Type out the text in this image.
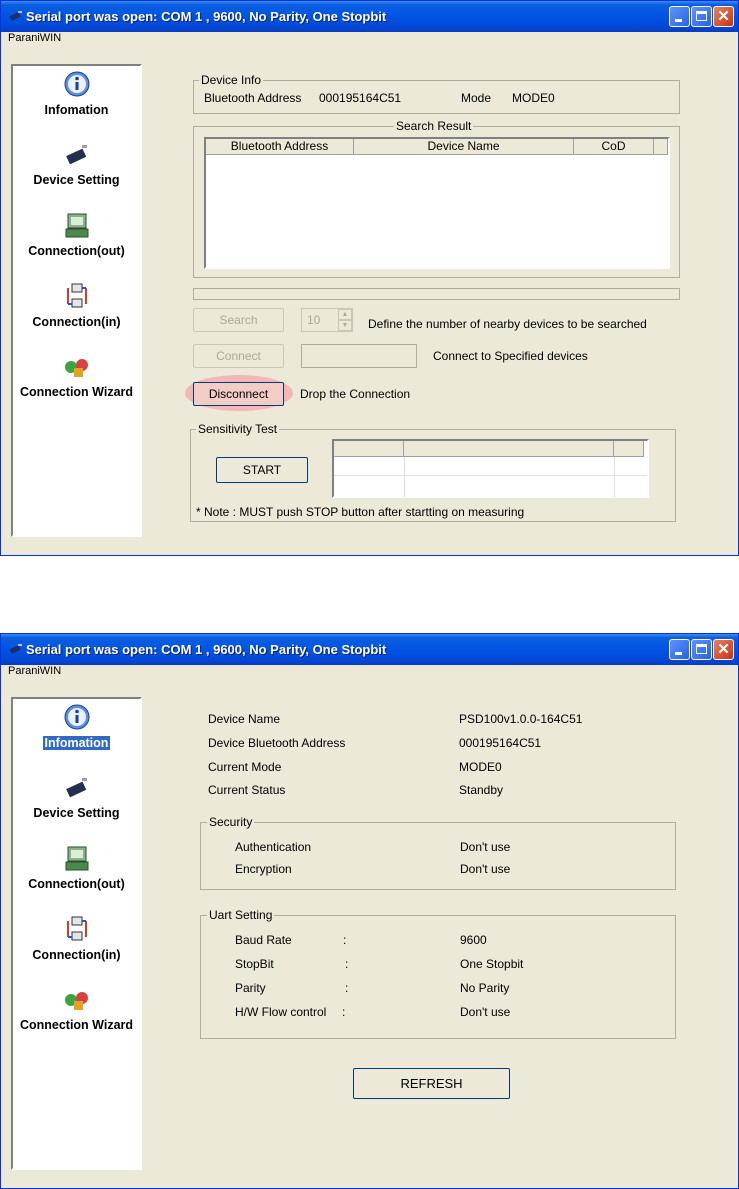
Serial port was open: COM 1 , 9600, No Parity, One Stopbit	✕
ParaniWIN
Infomation
Device Setting
Connection(out)
Connection(in)
Connection Wizard
Device Info
Bluetooth Address 000195164C51	Mode MODE0
Search Result
Bluetooth Address	Device Name	CoD
Search	10	▲
▼ Define the number of nearby devices to be searched
Connect	Connect to Specified devices
Disconnect	Drop the Connection
Sensitivity Test
START
* Note : MUST push STOP button after startting on measuring
Serial port was open: COM 1 , 9600, No Parity, One Stopbit	✕
ParaniWIN
Infomation
Device Setting
Connection(out)
Connection(in)
Connection Wizard
Device Name	PSD100v1.0.0-164C51
Device Bluetooth Address	000195164C51
Current Mode	MODE0
Current Status	Standby
Security
Authentication	Don't use
Encryption	Don't use
Uart Setting
Baud Rate	:	9600
StopBit	:	One Stopbit
Parity	:	No Parity
H/W Flow control :	Don't use
REFRESH
